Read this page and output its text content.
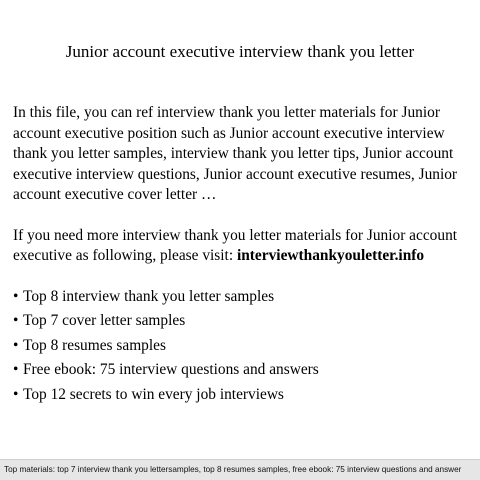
Junior account executive interview thank you letter

In this file, you can ref interview thank you letter materials for Junior account executive position such as Junior account executive interview thank you letter samples, interview thank you letter tips, Junior account executive interview questions, Junior account executive resumes, Junior account executive cover letter …

If you need more interview thank you letter materials for Junior account executive as following, please visit: interviewthankyouletter.info

• Top 8 interview thank you letter samples
• Top 7 cover letter samples
• Top 8 resumes samples
• Free ebook: 75 interview questions and answers
• Top 12 secrets to win every job interviews
Top materials: top 7 interview thank you lettersamples, top 8 resumes samples, free ebook: 75 interview questions and answer
